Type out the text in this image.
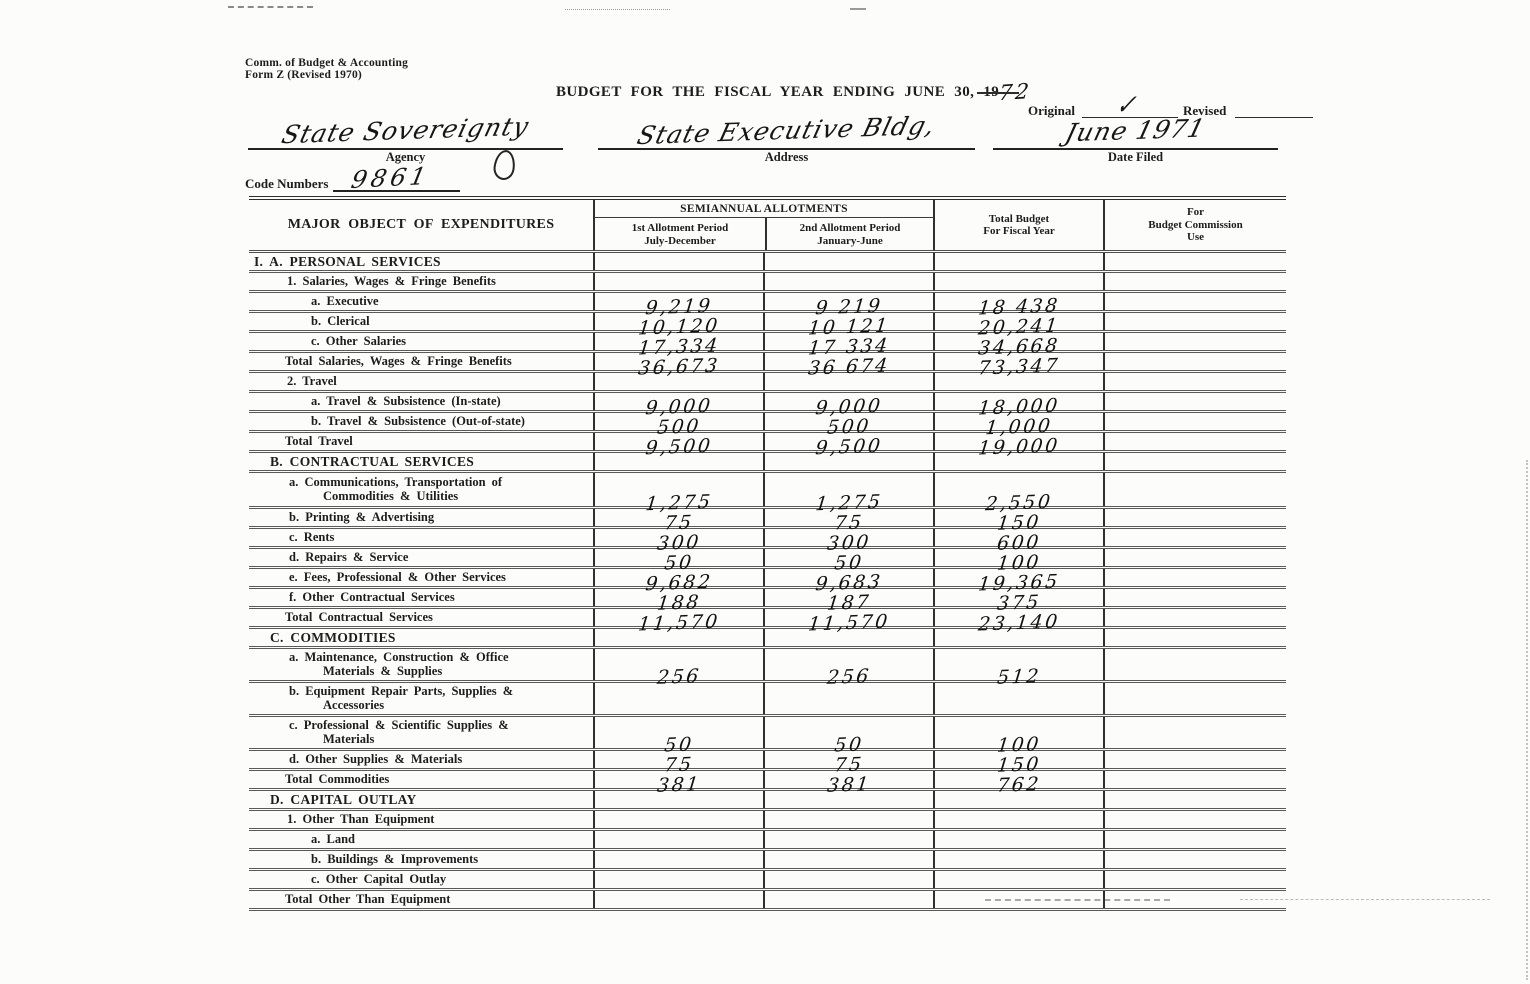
Comm. of Budget & Accounting
Form Z (Revised 1970)
BUDGET FOR THE FISCAL YEAR ENDING JUNE 30, 1972
Original ✓	Revised
State Sovereignty
Agency
State Executive Bldg,
Address
June 1971
Date Filed
Code Numbers 9861
MAJOR OBJECT OF EXPENDITURES
SEMIANNUAL ALLOTMENTS
1st Allotment Period
July-December
2nd Allotment Period
January-June
Total Budget
For Fiscal Year
For
Budget Commission
Use
I. A. PERSONAL SERVICES
1. Salaries, Wages & Fringe Benefits
a. Executive	9,219	9 219	18 438
b. Clerical	10,120	10 121	20,241
c. Other Salaries	17,334	17 334	34,668
Total Salaries, Wages & Fringe Benefits	36,673	36 674	73,347
2. Travel
a. Travel & Subsistence (In-state)	9,000	9,000	18,000
b. Travel & Subsistence (Out-of-state)	500	500	1,000
Total Travel	9,500	9,500	19,000
B. CONTRACTUAL SERVICES
a. Communications, Transportation of
Commodities & Utilities	1,275	1,275	2,550
b. Printing & Advertising	75	75	150
c. Rents	300	300	600
d. Repairs & Service	50	50	100
e. Fees, Professional & Other Services	9,682	9,683	19,365
f. Other Contractual Services	188	187	375
Total Contractual Services	11,570	11,570	23,140
C. COMMODITIES
a. Maintenance, Construction & Office
Materials & Supplies	256	256	512
b. Equipment Repair Parts, Supplies &
Accessories
c. Professional & Scientific Supplies &
Materials	50	50	100
d. Other Supplies & Materials	75	75	150
Total Commodities	381	381	762
D. CAPITAL OUTLAY
1. Other Than Equipment
a. Land
b. Buildings & Improvements
c. Other Capital Outlay
Total Other Than Equipment
